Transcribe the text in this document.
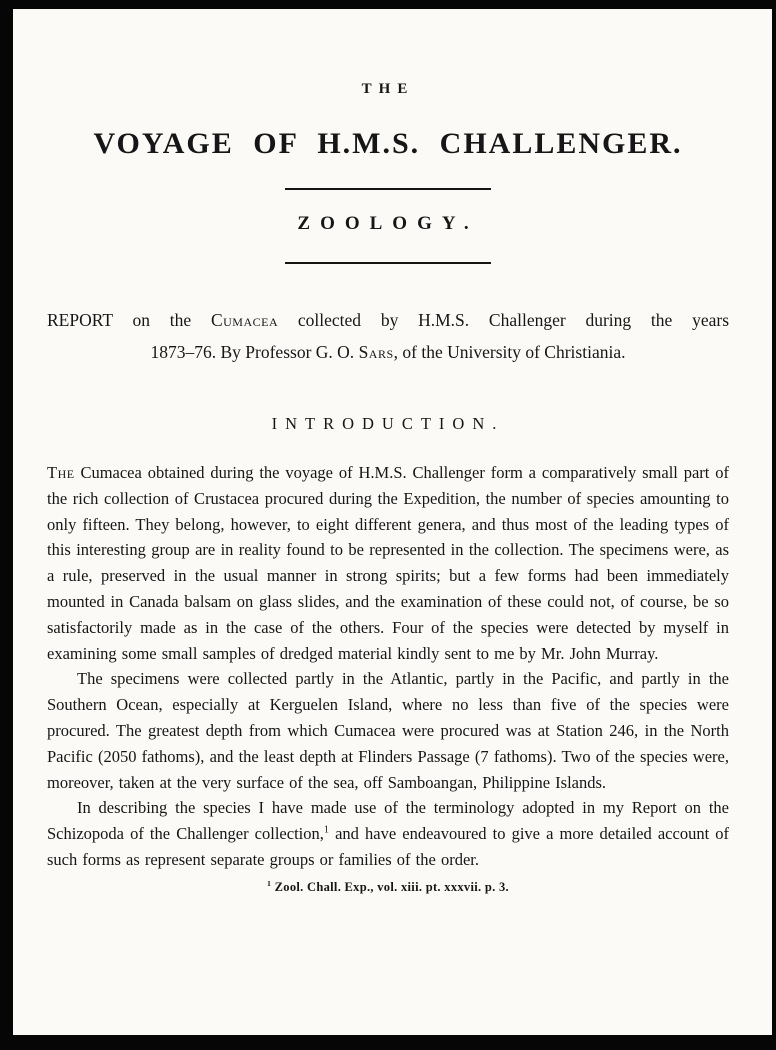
THE
VOYAGE OF H.M.S. CHALLENGER.
ZOOLOGY.
REPORT on the Cumacea collected by H.M.S. Challenger during the years
1873–76. By Professor G. O. Sars, of the University of Christiania.
INTRODUCTION.

The Cumacea obtained during the voyage of H.M.S. Challenger form a comparatively small part of the rich collection of Crustacea procured during the Expedition, the number of species amounting to only fifteen. They belong, however, to eight different genera, and thus most of the leading types of this interesting group are in reality found to be represented in the collection. The specimens were, as a rule, preserved in the usual manner in strong spirits; but a few forms had been immediately mounted in Canada balsam on glass slides, and the examination of these could not, of course, be so satisfactorily made as in the case of the others. Four of the species were detected by myself in examining some small samples of dredged material kindly sent to me by Mr. John Murray.

The specimens were collected partly in the Atlantic, partly in the Pacific, and partly in the Southern Ocean, especially at Kerguelen Island, where no less than five of the species were procured. The greatest depth from which Cumacea were procured was at Station 246, in the North Pacific (2050 fathoms), and the least depth at Flinders Passage (7 fathoms). Two of the species were, moreover, taken at the very surface of the sea, off Samboangan, Philippine Islands.

In describing the species I have made use of the terminology adopted in my Report on the Schizopoda of the Challenger collection,$^1$ and have endeavoured to give a more detailed account of such forms as represent separate groups or families of the order.

$^1$ Zool. Chall. Exp., vol. xiii. pt. xxxvii. p. 3.
